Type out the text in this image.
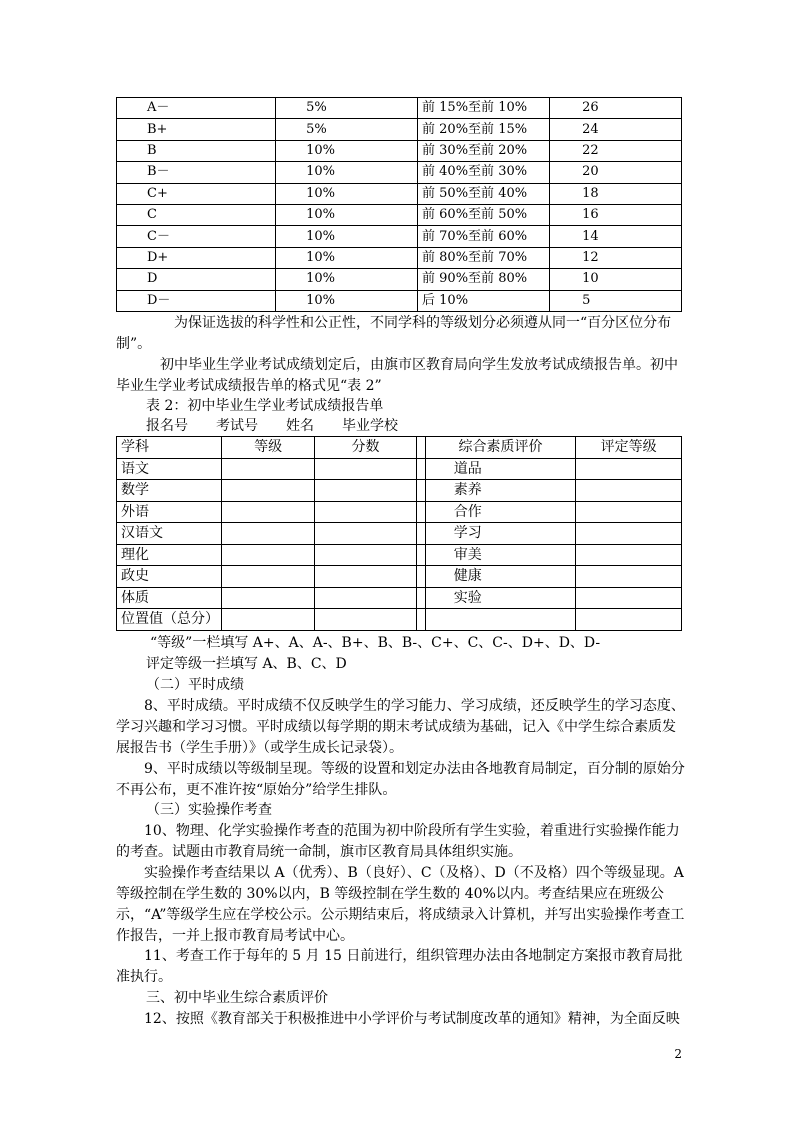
A－	5%	前 15%至前 10%	26
B+	5%	前 20%至前 15%	24
B	10%	前 30%至前 20%	22
B－	10%	前 40%至前 30%	20
C+	10%	前 50%至前 40%	18
C	10%	前 60%至前 50%	16
C－	10%	前 70%至前 60%	14
D+	10%	前 80%至前 70%	12
D	10%	前 90%至前 80%	10
D－	10%	后 10%	5

为保证选拔的科学性和公正性，不同学科的等级划分必须遵从同一“百分区位分布制”。

初中毕业生学业考试成绩划定后，由旗市区教育局向学生发放考试成绩报告单。初中毕业生学业考试成绩报告单的格式见“表 2”

表 2：初中毕业生学业考试成绩报告单

报名号　　考试号　　姓名　　毕业学校

学科	等级	分数		综合素质评价	评定等级
语文				道品	
数学				素养	
外语				合作	
汉语文				学习	
理化				审美	
政史				健康	
体质				实验	
位置值（总分）					

“等级”一栏填写 A+、A、A-、B+、B、B-、C+、C、C-、D+、D、D-

评定等级一拦填写 A、B、C、D

（二）平时成绩

8、平时成绩。平时成绩不仅反映学生的学习能力、学习成绩，还反映学生的学习态度、学习兴趣和学习习惯。平时成绩以每学期的期末考试成绩为基础，记入《中学生综合素质发展报告书（学生手册）》（或学生成长记录袋）。

9、平时成绩以等级制呈现。等级的设置和划定办法由各地教育局制定，百分制的原始分不再公布，更不准许按“原始分”给学生排队。

（三）实验操作考查

10、物理、化学实验操作考查的范围为初中阶段所有学生实验，着重进行实验操作能力的考查。试题由市教育局统一命制，旗市区教育局具体组织实施。

实验操作考查结果以 A（优秀）、B（良好）、C（及格）、D（不及格）四个等级显现。A 等级控制在学生数的 30%以内，B 等级控制在学生数的 40%以内。考查结果应在班级公示，“A”等级学生应在学校公示。公示期结束后，将成绩录入计算机，并写出实验操作考查工作报告，一并上报市教育局考试中心。

11、考查工作于每年的 5 月 15 日前进行，组织管理办法由各地制定方案报市教育局批准执行。

三、初中毕业生综合素质评价

12、按照《教育部关于积极推进中小学评价与考试制度改革的通知》精神，为全面反映

2
